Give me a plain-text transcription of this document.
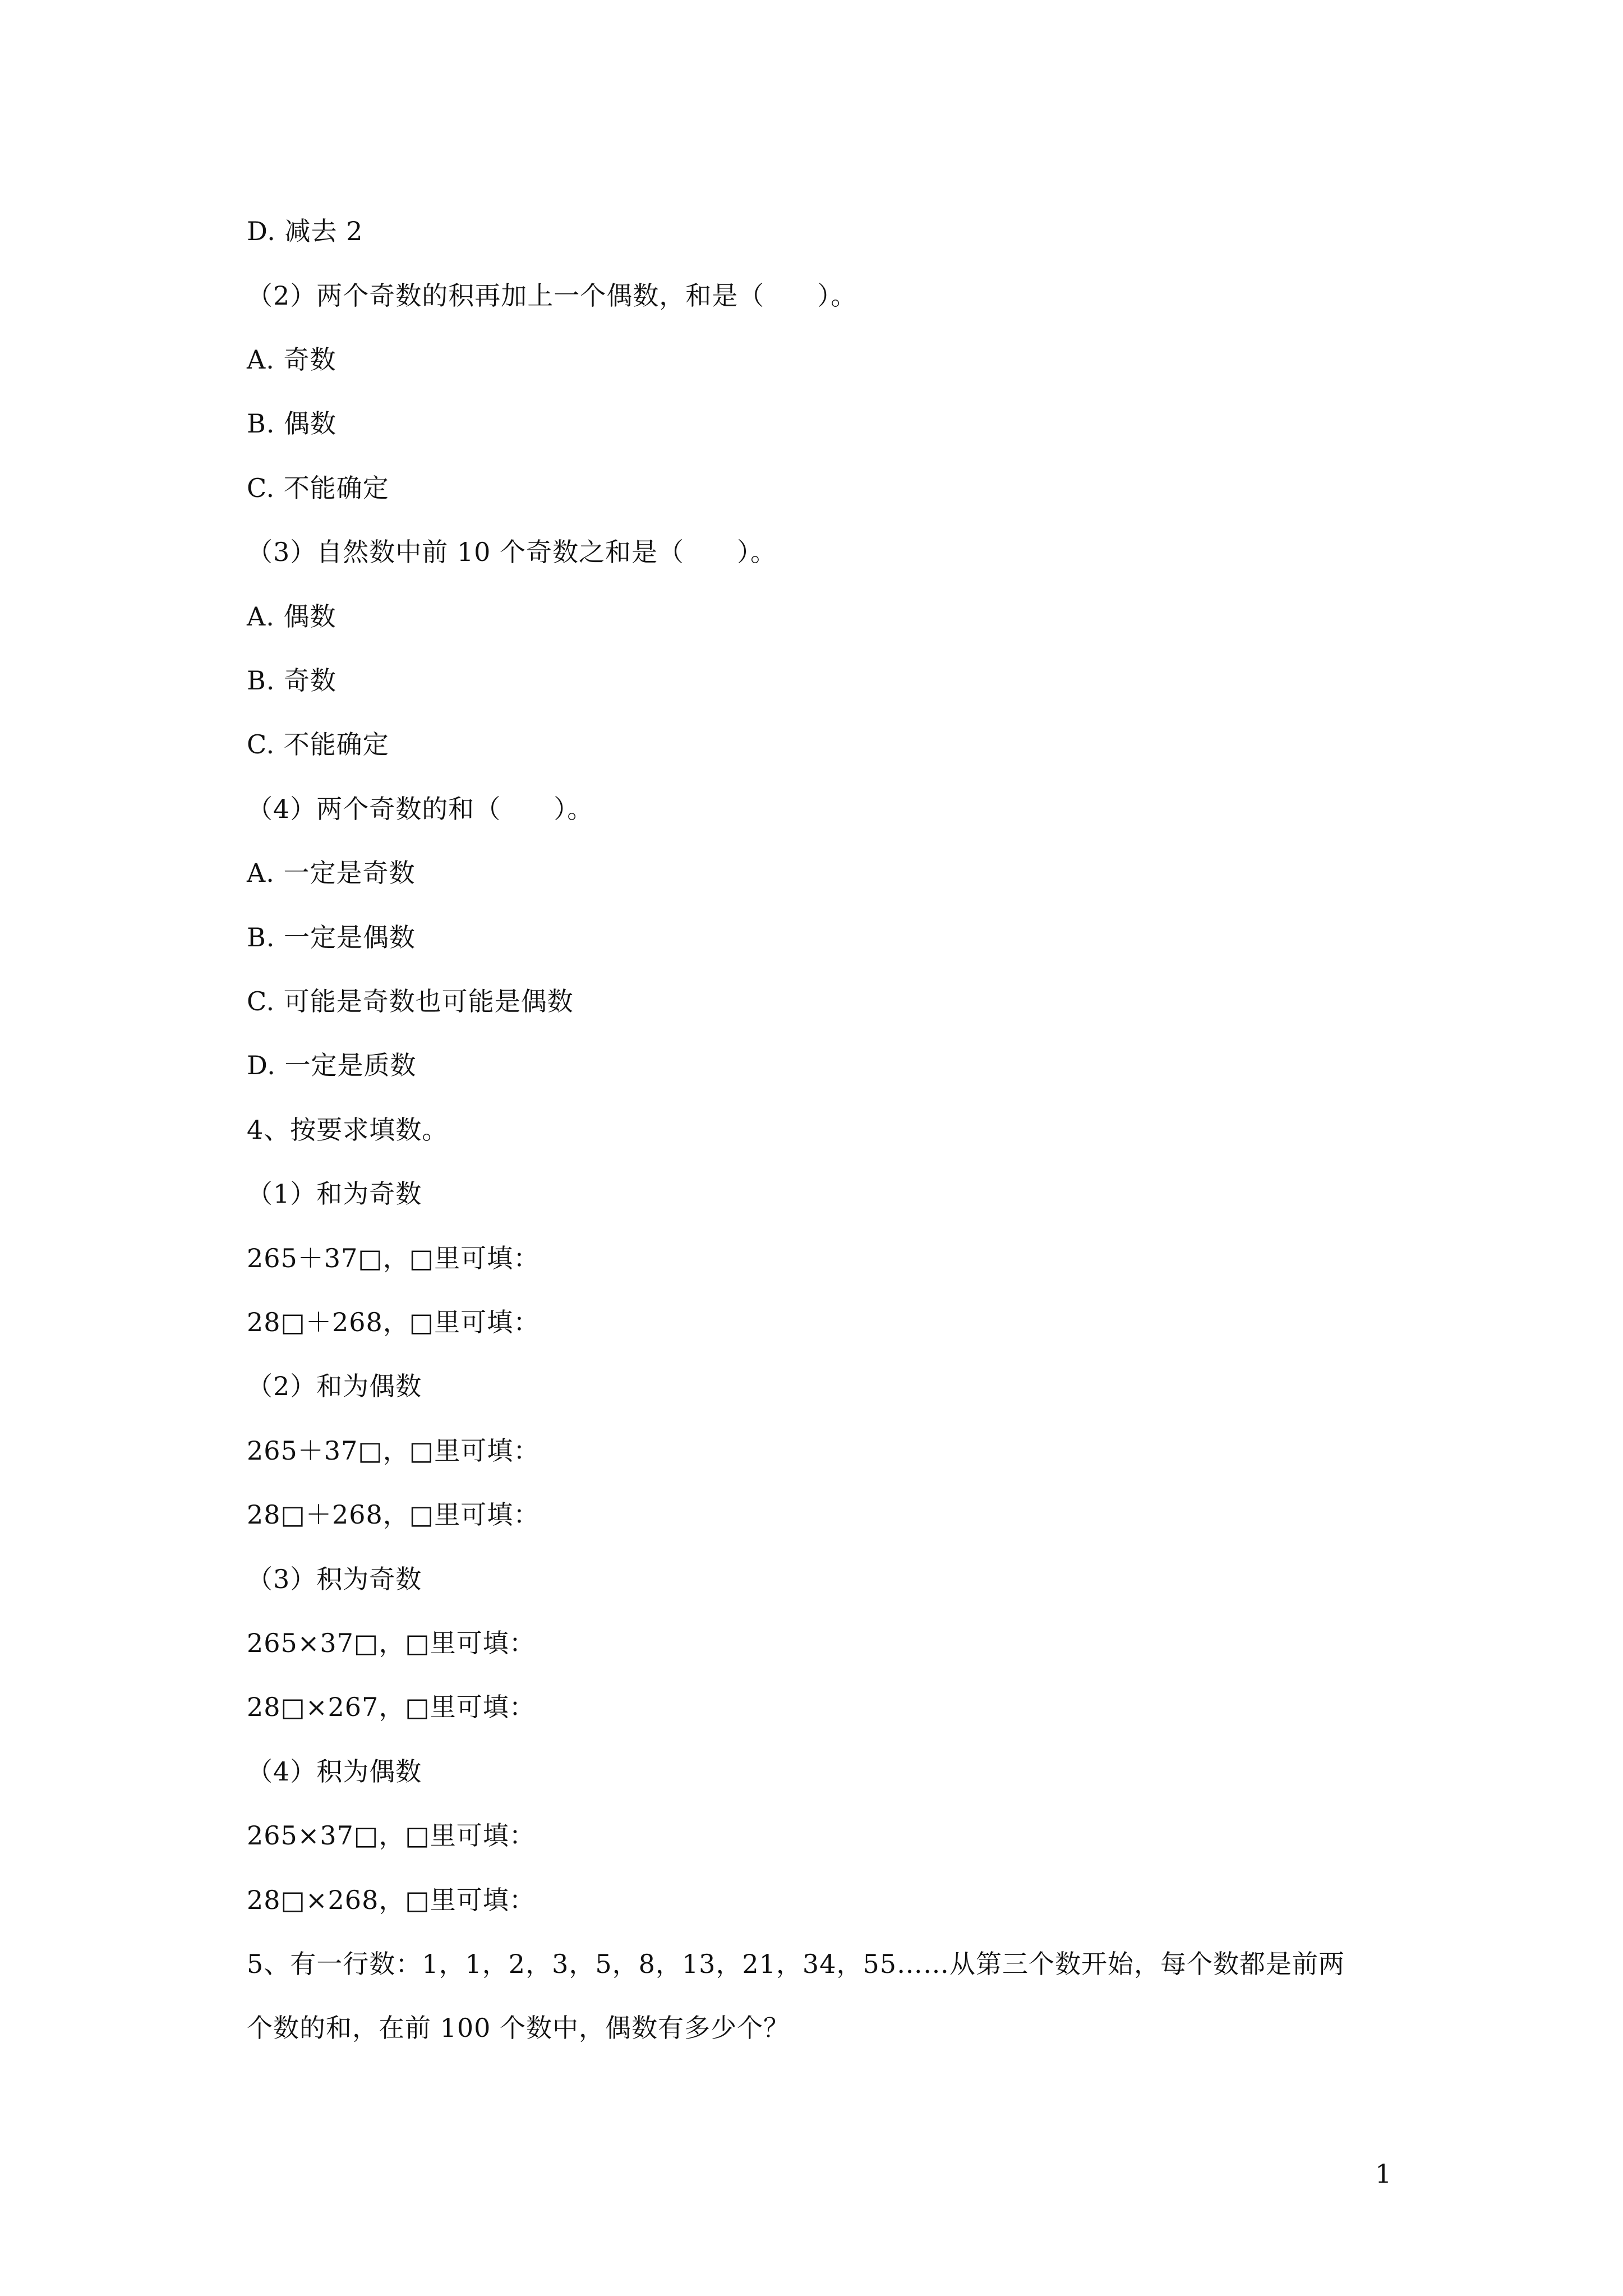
D. 减去 2
（2）两个奇数的积再加上一个偶数，和是（　　）。
A. 奇数
B. 偶数
C. 不能确定
（3）自然数中前 10 个奇数之和是（　　）。
A. 偶数
B. 奇数
C. 不能确定
（4）两个奇数的和（　　）。
A. 一定是奇数
B. 一定是偶数
C. 可能是奇数也可能是偶数
D. 一定是质数
4、按要求填数。
（1）和为奇数
265＋37□，□里可填：
28□＋268，□里可填：
（2）和为偶数
265＋37□，□里可填：
28□＋268，□里可填：
（3）积为奇数
265×37□，□里可填：
28□×267，□里可填：
（4）积为偶数
265×37□，□里可填：
28□×268，□里可填：
5、有一行数：1，1，2，3，5，8，13，21，34，55……从第三个数开始，每个数都是前两
个数的和，在前 100 个数中，偶数有多少个？
1
